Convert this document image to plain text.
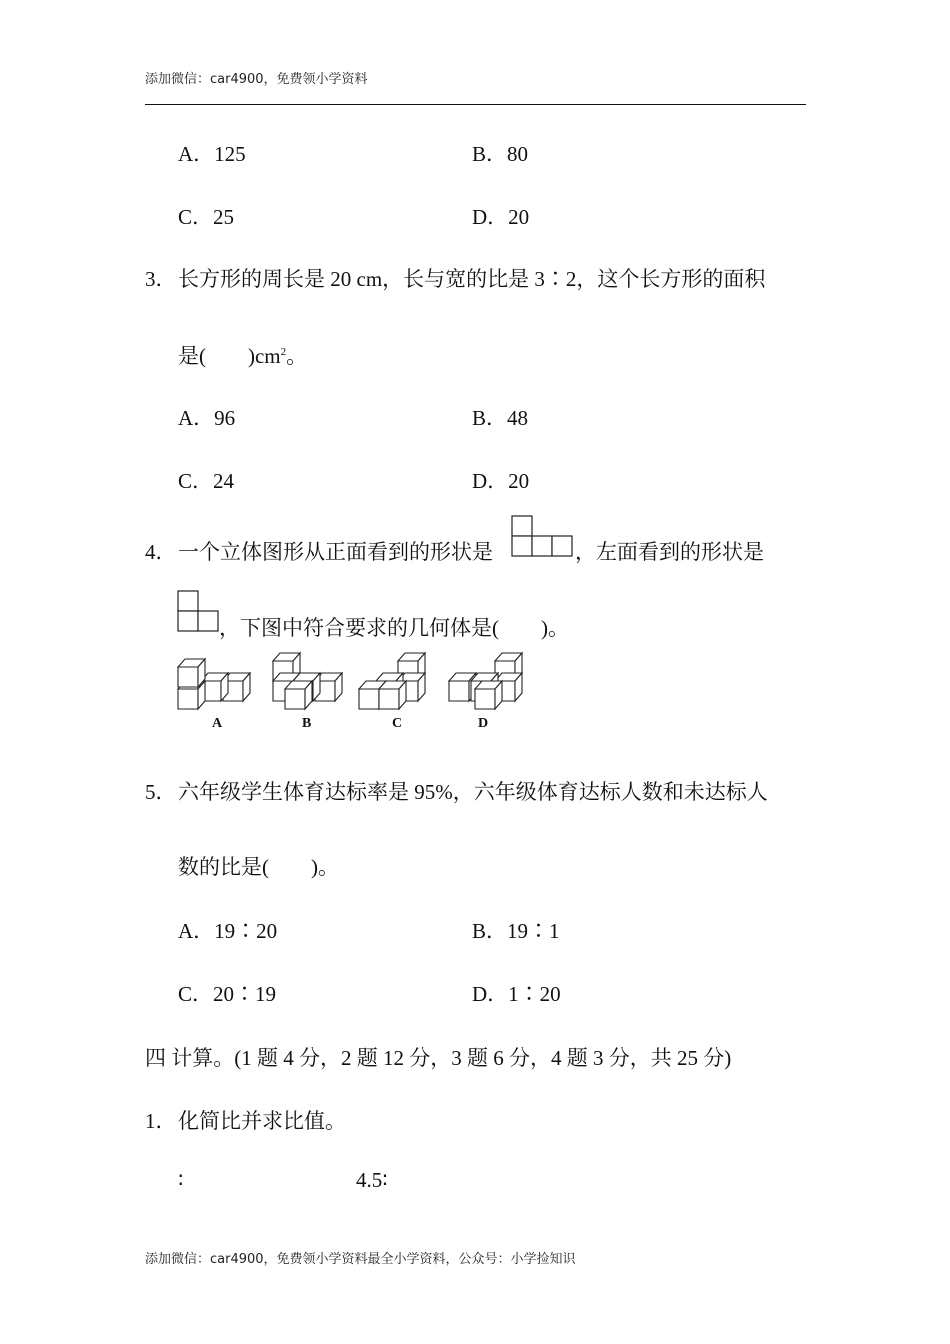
添加微信：car4900，免费领小学资料
A．125	B．80
C．25	D．20
3． 长方形的周长是 20 cm，长与宽的比是 3∶2，这个长方形的面积
是(　　)$cm^2$。
A．96	B．48
C．24	D．20
4． 一个立体图形从正面看到的形状是	，左面看到的形状是
，下图中符合要求的几何体是(　　)。
A	B	C	D
5． 六年级学生体育达标率是 95%，六年级体育达标人数和未达标人
数的比是(　　)。
A．19∶20	B．19∶1
C．20∶19	D．1∶20
四 计算。(1 题 4 分，2 题 12 分，3 题 6 分，4 题 3 分，共 25 分)
1． 化简比并求比值。
∶	4.5∶
添加微信：car4900，免费领小学资料最全小学资料，公众号：小学捡知识
